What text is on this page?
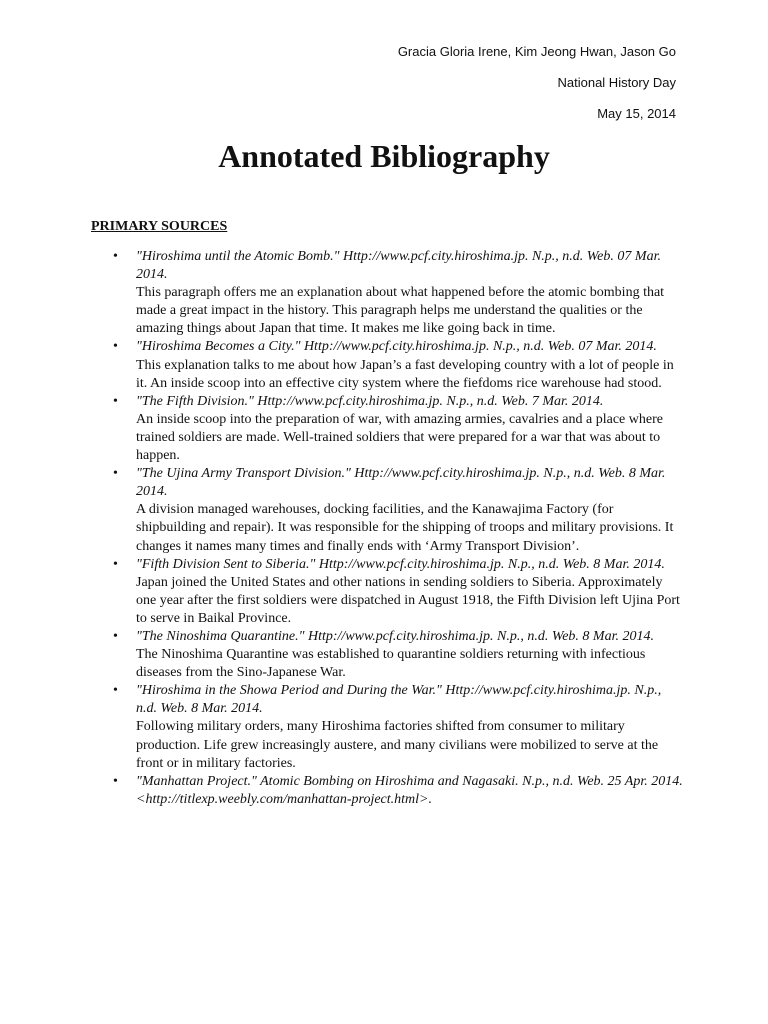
Gracia Gloria Irene, Kim Jeong Hwan, Jason Go
National History Day
May 15, 2014
Annotated Bibliography
PRIMARY SOURCES
• "Hiroshima until the Atomic Bomb." Http://www.pcf.city.hiroshima.jp. N.p., n.d. Web. 07 Mar. 2014.
This paragraph offers me an explanation about what happened before the atomic bombing that made a great impact in the history. This paragraph helps me understand the qualities or the amazing things about Japan that time. It makes me like going back in time.
• "Hiroshima Becomes a City." Http://www.pcf.city.hiroshima.jp. N.p., n.d. Web. 07 Mar. 2014.
This explanation talks to me about how Japan’s a fast developing country with a lot of people in it. An inside scoop into an effective city system where the fiefdoms rice warehouse had stood.
• "The Fifth Division." Http://www.pcf.city.hiroshima.jp. N.p., n.d. Web. 7 Mar. 2014.
An inside scoop into the preparation of war, with amazing armies, cavalries and a place where trained soldiers are made. Well-trained soldiers that were prepared for a war that was about to happen.
• "The Ujina Army Transport Division." Http://www.pcf.city.hiroshima.jp. N.p., n.d. Web. 8 Mar. 2014.
A division managed warehouses, docking facilities, and the Kanawajima Factory (for shipbuilding and repair). It was responsible for the shipping of troops and military provisions. It changes it names many times and finally ends with ‘Army Transport Division’.
• "Fifth Division Sent to Siberia." Http://www.pcf.city.hiroshima.jp. N.p., n.d. Web. 8 Mar. 2014.
Japan joined the United States and other nations in sending soldiers to Siberia. Approximately one year after the first soldiers were dispatched in August 1918, the Fifth Division left Ujina Port to serve in Baikal Province.
• "The Ninoshima Quarantine." Http://www.pcf.city.hiroshima.jp. N.p., n.d. Web. 8 Mar. 2014.
The Ninoshima Quarantine was established to quarantine soldiers returning with infectious diseases from the Sino-Japanese War.
• "Hiroshima in the Showa Period and During the War." Http://www.pcf.city.hiroshima.jp. N.p., n.d. Web. 8 Mar. 2014.
Following military orders, many Hiroshima factories shifted from consumer to military production. Life grew increasingly austere, and many civilians were mobilized to serve at the front or in military factories.
• "Manhattan Project." Atomic Bombing on Hiroshima and Nagasaki. N.p., n.d. Web. 25 Apr. 2014. <http://titlexp.weebly.com/manhattan-project.html>.
